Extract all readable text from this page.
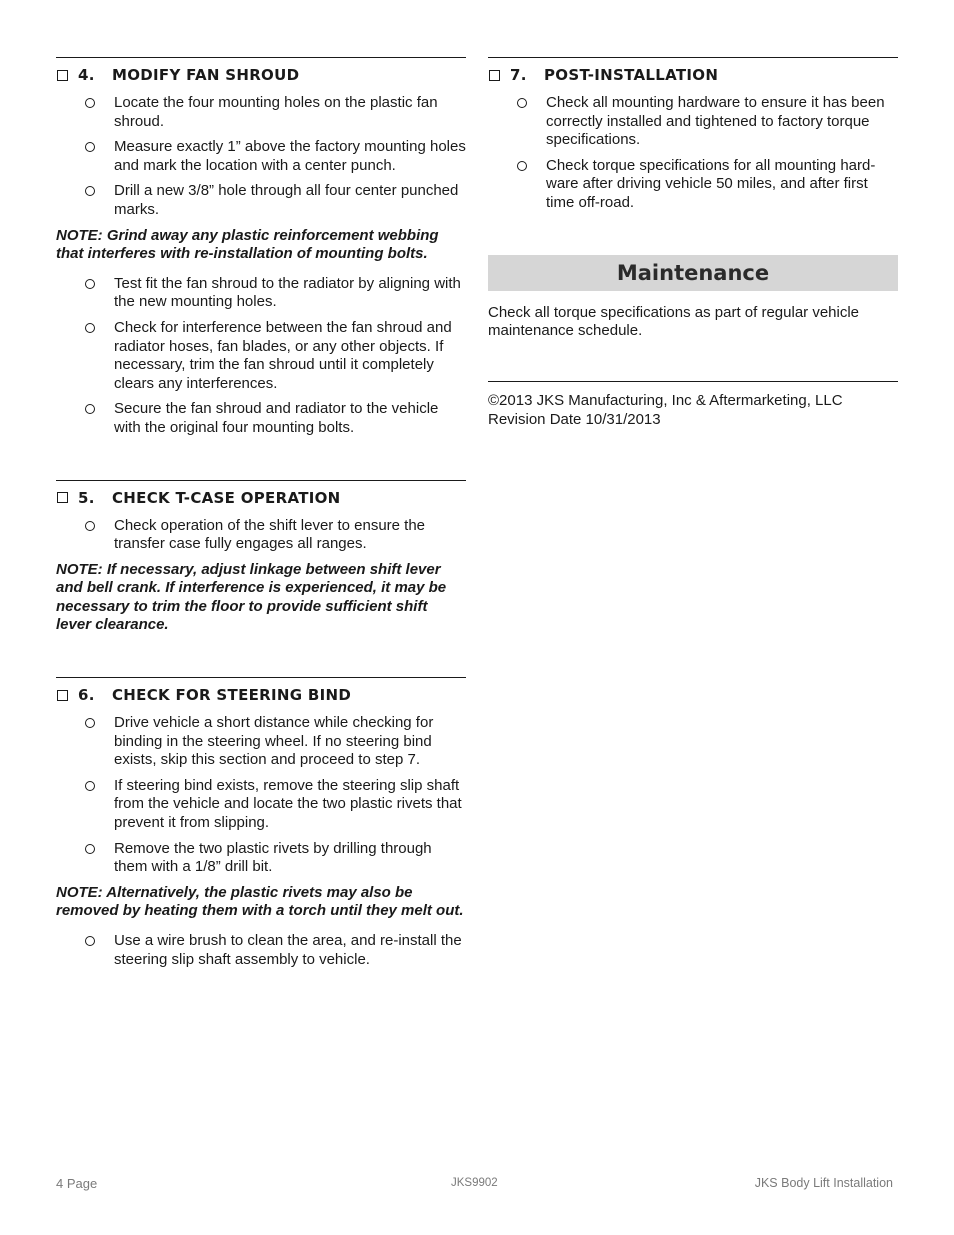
4.	MODIFY FAN SHROUD
Locate the four mounting holes on the plastic fan shroud.
Measure exactly 1” above the factory mounting holes and mark the location with a center punch.
Drill a new 3/8” hole through all four center punched marks.

NOTE: Grind away any plastic reinforcement webbing that interferes with re-installation of mounting bolts.

Test fit the fan shroud to the radiator by aligning with the new mounting holes.
Check for interference between the fan shroud and radiator hoses, fan blades, or any other objects. If necessary, trim the fan shroud until it completely clears any interferences.
Secure the fan shroud and radiator to the vehicle with the original four mounting bolts.
5.	CHECK T-CASE OPERATION
Check operation of the shift lever to ensure the transfer case fully engages all ranges.

NOTE: If necessary, adjust linkage between shift lever and bell crank. If interference is experienced, it may be necessary to trim the floor to provide sufficient shift lever clearance.

6.	CHECK FOR STEERING BIND
Drive vehicle a short distance while checking for binding in the steering wheel. If no steering bind exists, skip this section and proceed to step 7.
If steering bind exists, remove the steering slip shaft from the vehicle and locate the two plastic rivets that prevent it from slipping.
Remove the two plastic rivets by drilling through them with a 1/8” drill bit.

NOTE: Alternatively, the plastic rivets may also be removed by heating them with a torch until they melt out.

Use a wire brush to clean the area, and re-install the steering slip shaft assembly to vehicle.
7.	POST-INSTALLATION
Check all mounting hardware to ensure it has been correctly installed and tightened to factory torque specifications.
Check torque specifications for all mounting hard-ware after driving vehicle 50 miles, and after first time off-road.
Maintenance
Check all torque specifications as part of regular vehicle maintenance schedule.
©2013 JKS Manufacturing, Inc & Aftermarketing, LLC
Revision Date 10/31/2013
4 Page	JKS9902	JKS Body Lift Installation
